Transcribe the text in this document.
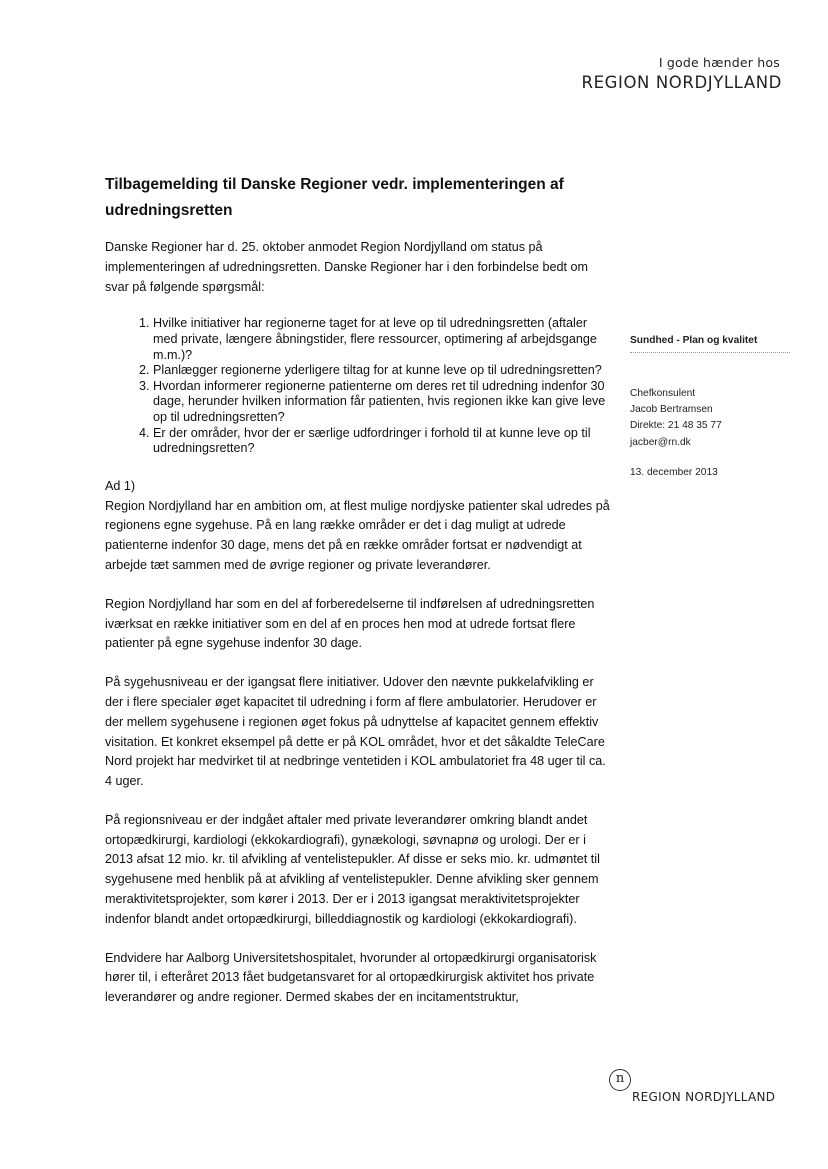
I gode hænder hos
REGION NORDJYLLAND
Tilbagemelding til Danske Regioner vedr. implementeringen af udredningsretten

Danske Regioner har d. 25. oktober anmodet Region Nordjylland om status på implementeringen af udredningsretten. Danske Regioner har i den forbindelse bedt om svar på følgende spørgsmål:

1. Hvilke initiativer har regionerne taget for at leve op til udredningsretten (aftaler med private, længere åbningstider, flere ressourcer, optimering af arbejdsgange m.m.)?
2. Planlægger regionerne yderligere tiltag for at kunne leve op til udredningsretten?
3. Hvordan informerer regionerne patienterne om deres ret til udredning indenfor 30 dage, herunder hvilken information får patienten, hvis regionen ikke kan give leve op til udredningsretten?
4. Er der områder, hvor der er særlige udfordringer i forhold til at kunne leve op til udredningsretten?
Ad 1)

Region Nordjylland har en ambition om, at flest mulige nordjyske patienter skal udredes på regionens egne sygehuse. På en lang række områder er det i dag muligt at udrede patienterne indenfor 30 dage, mens det på en række områder fortsat er nødvendigt at arbejde tæt sammen med de øvrige regioner og private leverandører.

Region Nordjylland har som en del af forberedelserne til indførelsen af udredningsretten iværksat en række initiativer som en del af en proces hen mod at udrede fortsat flere patienter på egne sygehuse indenfor 30 dage.

På sygehusniveau er der igangsat flere initiativer. Udover den nævnte pukkelafvikling er der i flere specialer øget kapacitet til udredning i form af flere ambulatorier. Herudover er der mellem sygehusene i regionen øget fokus på udnyttelse af kapacitet gennem effektiv visitation. Et konkret eksempel på dette er på KOL området, hvor et det såkaldte TeleCare Nord projekt har medvirket til at nedbringe ventetiden i KOL ambulatoriet fra 48 uger til ca. 4 uger.

På regionsniveau er der indgået aftaler med private leverandører omkring blandt andet ortopædkirurgi, kardiologi (ekkokardiografi), gynækologi, søvnapnø og urologi. Der er i 2013 afsat 12 mio. kr. til afvikling af ventelistepukler. Af disse er seks mio. kr. udmøntet til sygehusene med henblik på at afvikling af ventelistepukler. Denne afvikling sker gennem meraktivitetsprojekter, som kører i 2013. Der er i 2013 igangsat meraktivitetsprojekter indenfor blandt andet ortopædkirurgi, billeddiagnostik og kardiologi (ekkokardiografi).

Endvidere har Aalborg Universitetshospitalet, hvorunder al ortopædkirurgi organisatorisk hører til, i efteråret 2013 fået budgetansvaret for al ortopædkirurgisk aktivitet hos private leverandører og andre regioner. Dermed skabes der en incitamentstruktur,

Sundhed - Plan og kvalitet
Chefkonsulent
Jacob Bertramsen
Direkte: 21 48 35 77
jacber@rn.dk
13. december 2013
n
REGION NORDJYLLAND
